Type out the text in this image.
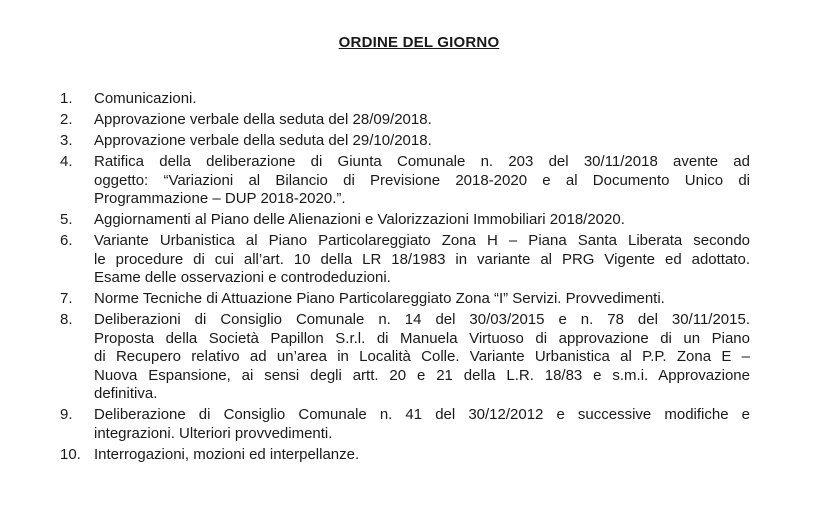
ORDINE DEL GIORNO
1.	Comunicazioni.
2.	Approvazione verbale della seduta del 28/09/2018.
3.	Approvazione verbale della seduta del 29/10/2018.
4.	Ratifica della deliberazione di Giunta Comunale n. 203 del 30/11/2018 avente ad
oggetto: “Variazioni al Bilancio di Previsione 2018-2020 e al Documento Unico di
Programmazione – DUP 2018-2020.”.
5.	Aggiornamenti al Piano delle Alienazioni e Valorizzazioni Immobiliari 2018/2020.
6.	Variante Urbanistica al Piano Particolareggiato Zona H – Piana Santa Liberata secondo
le procedure di cui all’art. 10 della LR 18/1983 in variante al PRG Vigente ed adottato.
Esame delle osservazioni e controdeduzioni.
7.	Norme Tecniche di Attuazione Piano Particolareggiato Zona “I” Servizi. Provvedimenti.
8.	Deliberazioni di Consiglio Comunale n. 14 del 30/03/2015 e n. 78 del 30/11/2015.
Proposta della Società Papillon S.r.l. di Manuela Virtuoso di approvazione di un Piano
di Recupero relativo ad un’area in Località Colle. Variante Urbanistica al P.P. Zona E –
Nuova Espansione, ai sensi degli artt. 20 e 21 della L.R. 18/83 e s.m.i. Approvazione
definitiva.
9.	Deliberazione di Consiglio Comunale n. 41 del 30/12/2012 e successive modifiche e
integrazioni. Ulteriori provvedimenti.
10. Interrogazioni, mozioni ed interpellanze.
